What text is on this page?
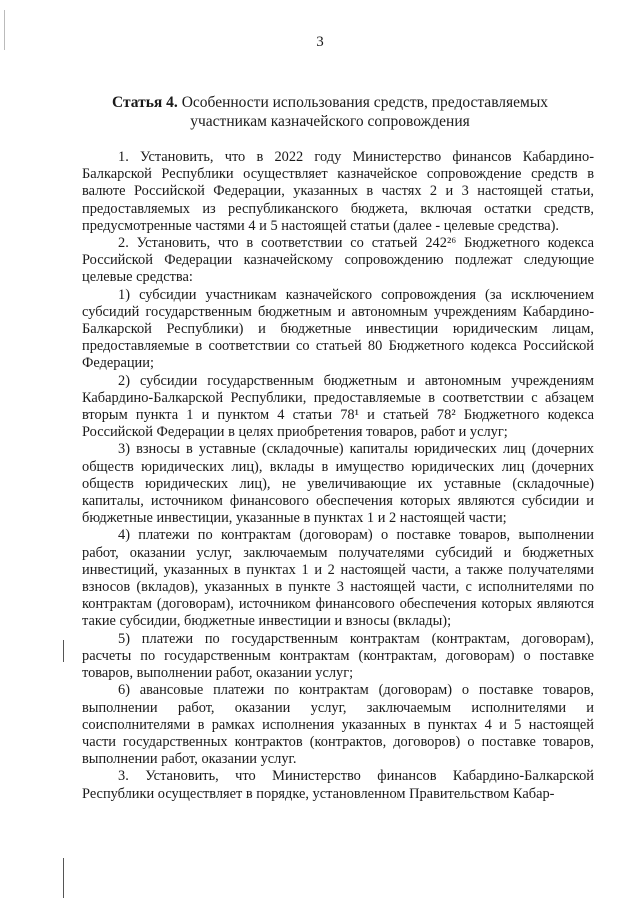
3
Статья 4. Особенности использования средств, предоставляемых участникам казначейского сопровождения

1. Установить, что в 2022 году Министерство финансов Кабардино-Балкарской Республики осуществляет казначейское сопровождение средств в валюте Российской Федерации, указанных в частях 2 и 3 настоящей статьи, предоставляемых из республиканского бюджета, включая остатки средств, предусмотренные частями 4 и 5 настоящей статьи (далее - целевые средства).

2. Установить, что в соответствии со статьей 242²⁶ Бюджетного кодекса Российской Федерации казначейскому сопровождению подлежат следующие целевые средства:

1) субсидии участникам казначейского сопровождения (за исключением субсидий государственным бюджетным и автономным учреждениям Кабардино-Балкарской Республики) и бюджетные инвестиции юридическим лицам, предоставляемые в соответствии со статьей 80 Бюджетного кодекса Российской Федерации;

2) субсидии государственным бюджетным и автономным учреждениям Кабардино-Балкарской Республики, предоставляемые в соответствии с абзацем вторым пункта 1 и пунктом 4 статьи 78¹ и статьей 78² Бюджетного кодекса Российской Федерации в целях приобретения товаров, работ и услуг;

3) взносы в уставные (складочные) капиталы юридических лиц (дочерних обществ юридических лиц), вклады в имущество юридических лиц (дочерних обществ юридических лиц), не увеличивающие их уставные (складочные) капиталы, источником финансового обеспечения которых являются субсидии и бюджетные инвестиции, указанные в пунктах 1 и 2 настоящей части;

4) платежи по контрактам (договорам) о поставке товаров, выполнении работ, оказании услуг, заключаемым получателями субсидий и бюджетных инвестиций, указанных в пунктах 1 и 2 настоящей части, а также получателями взносов (вкладов), указанных в пункте 3 настоящей части, с исполнителями по контрактам (договорам), источником финансового обеспечения которых являются такие субсидии, бюджетные инвестиции и взносы (вклады);

5) платежи по государственным контрактам (контрактам, договорам), расчеты по государственным контрактам (контрактам, договорам) о поставке товаров, выполнении работ, оказании услуг;

6) авансовые платежи по контрактам (договорам) о поставке товаров, выполнении работ, оказании услуг, заключаемым исполнителями и соисполнителями в рамках исполнения указанных в пунктах 4 и 5 настоящей части государственных контрактов (контрактов, договоров) о поставке товаров, выполнении работ, оказании услуг.

3. Установить, что Министерство финансов Кабардино-Балкарской Республики осуществляет в порядке, установленном Правительством Кабар-
